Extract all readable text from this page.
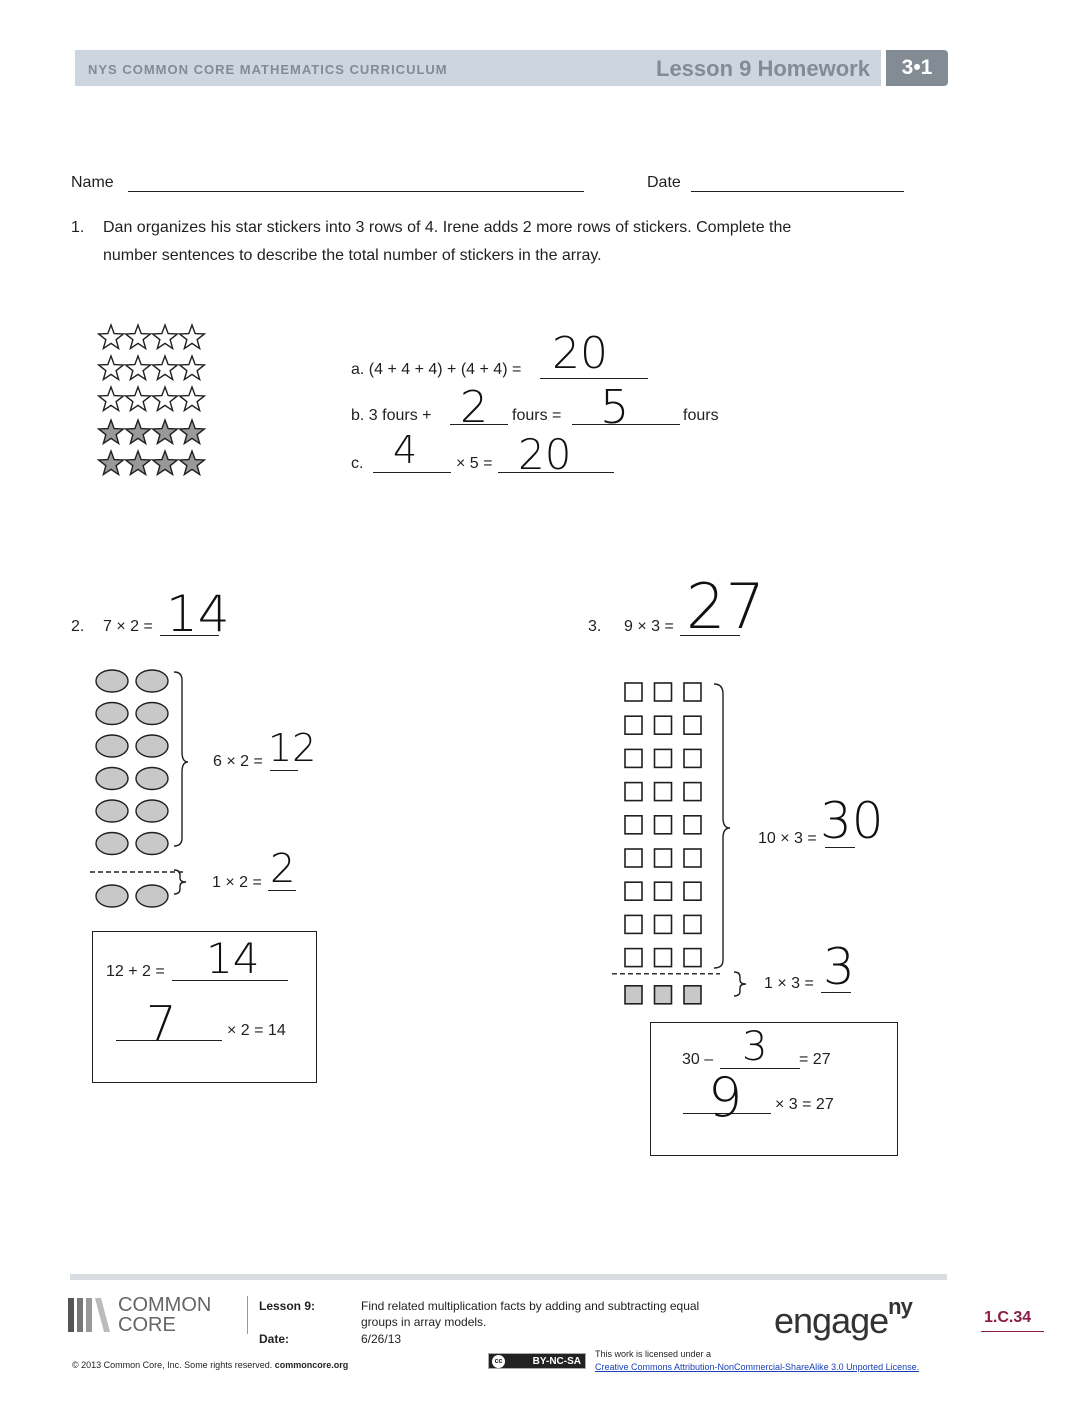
NYS COMMON CORE MATHEMATICS CURRICULUM	Lesson 9 Homework	3•1
Name	Date
1. Dan organizes his star stickers into 3 rows of 4. Irene adds 2 more rows of stickers. Complete the
number sentences to describe the total number of stickers in the array.
a. (4 + 4 + 4) + (4 + 4) = 20
b. 3 fours + 2 fours = 5	fours
c. 4 × 5 = 20
2. 7 × 2 = 14
6 × 2 = 12
1 × 2 = 2
12 + 2 = 14
7	× 2 = 14
3. 9 × 3 = 27
10 × 3 = 30
1 × 3 = 3
30 – 3 = 27
9 × 3 = 27
COMMON
CORE
Lesson 9:	Find related multiplication facts by adding and subtracting equal
groups in array models.
Date:	6/26/13	engage$^{ny}$	1.C.34
© 2013 Common Core, Inc. Some rights reserved. commoncore.org	cc	BY-NC-SA
This work is licensed under a
Creative Commons Attribution-NonCommercial-ShareAlike 3.0 Unported License.
